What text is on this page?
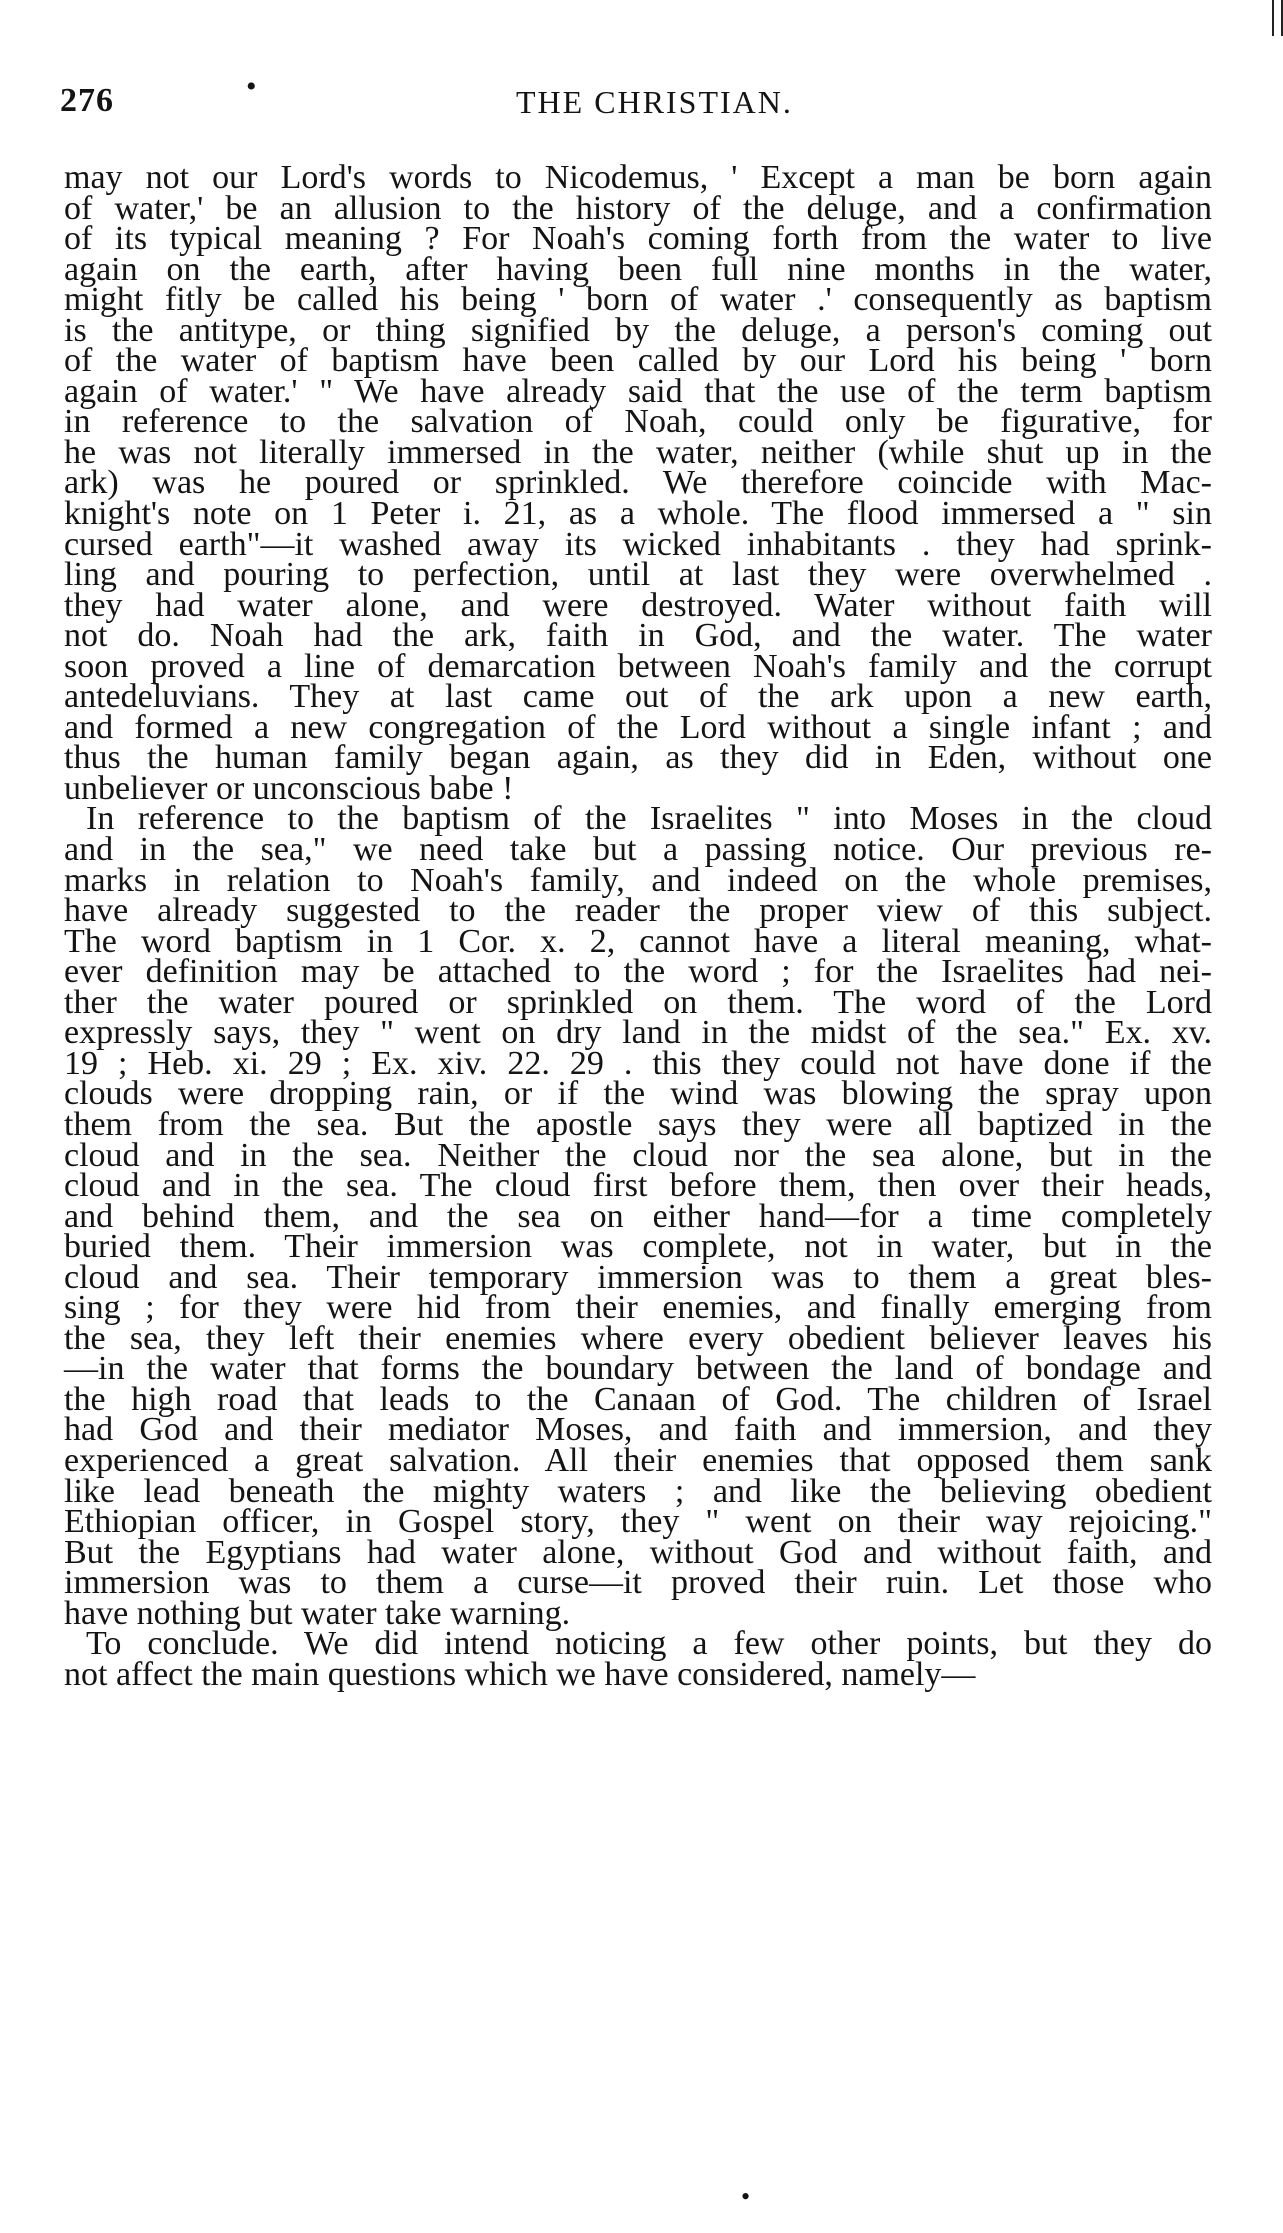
276	•	THE CHRISTIAN.
may not our Lord's words to Nicodemus, ' Except a man be born again
of water,' be an allusion to the history of the deluge, and a confirmation
of its typical meaning ? For Noah's coming forth from the water to live
again on the earth, after having been full nine months in the water,
might fitly be called his being ' born of water .' consequently as baptism
is the antitype, or thing signified by the deluge, a person's coming out
of the water of baptism have been called by our Lord his being ' born
again of water.' " We have already said that the use of the term baptism
in reference to the salvation of Noah, could only be figurative, for
he was not literally immersed in the water, neither (while shut up in the
ark) was he poured or sprinkled. We therefore coincide with Mac-
knight's note on 1 Peter i. 21, as a whole. The flood immersed a " sin
cursed earth"—it washed away its wicked inhabitants . they had sprink-
ling and pouring to perfection, until at last they were overwhelmed .
they had water alone, and were destroyed. Water without faith will
not do. Noah had the ark, faith in God, and the water. The water
soon proved a line of demarcation between Noah's family and the corrupt
antedeluvians. They at last came out of the ark upon a new earth,
and formed a new congregation of the Lord without a single infant ; and
thus the human family began again, as they did in Eden, without one
unbeliever or unconscious babe !
In reference to the baptism of the Israelites " into Moses in the cloud
and in the sea," we need take but a passing notice. Our previous re-
marks in relation to Noah's family, and indeed on the whole premises,
have already suggested to the reader the proper view of this subject.
The word baptism in 1 Cor. x. 2, cannot have a literal meaning, what-
ever definition may be attached to the word ; for the Israelites had nei-
ther the water poured or sprinkled on them. The word of the Lord
expressly says, they " went on dry land in the midst of the sea." Ex. xv.
19 ; Heb. xi. 29 ; Ex. xiv. 22. 29 . this they could not have done if the
clouds were dropping rain, or if the wind was blowing the spray upon
them from the sea. But the apostle says they were all baptized in the
cloud and in the sea. Neither the cloud nor the sea alone, but in the
cloud and in the sea. The cloud first before them, then over their heads,
and behind them, and the sea on either hand—for a time completely
buried them. Their immersion was complete, not in water, but in the
cloud and sea. Their temporary immersion was to them a great bles-
sing ; for they were hid from their enemies, and finally emerging from
the sea, they left their enemies where every obedient believer leaves his
—in the water that forms the boundary between the land of bondage and
the high road that leads to the Canaan of God. The children of Israel
had God and their mediator Moses, and faith and immersion, and they
experienced a great salvation. All their enemies that opposed them sank
like lead beneath the mighty waters ; and like the believing obedient
Ethiopian officer, in Gospel story, they " went on their way rejoicing."
But the Egyptians had water alone, without God and without faith, and
immersion was to them a curse—it proved their ruin. Let those who
have nothing but water take warning.
To conclude. We did intend noticing a few other points, but they do
not affect the main questions which we have considered, namely—
•
